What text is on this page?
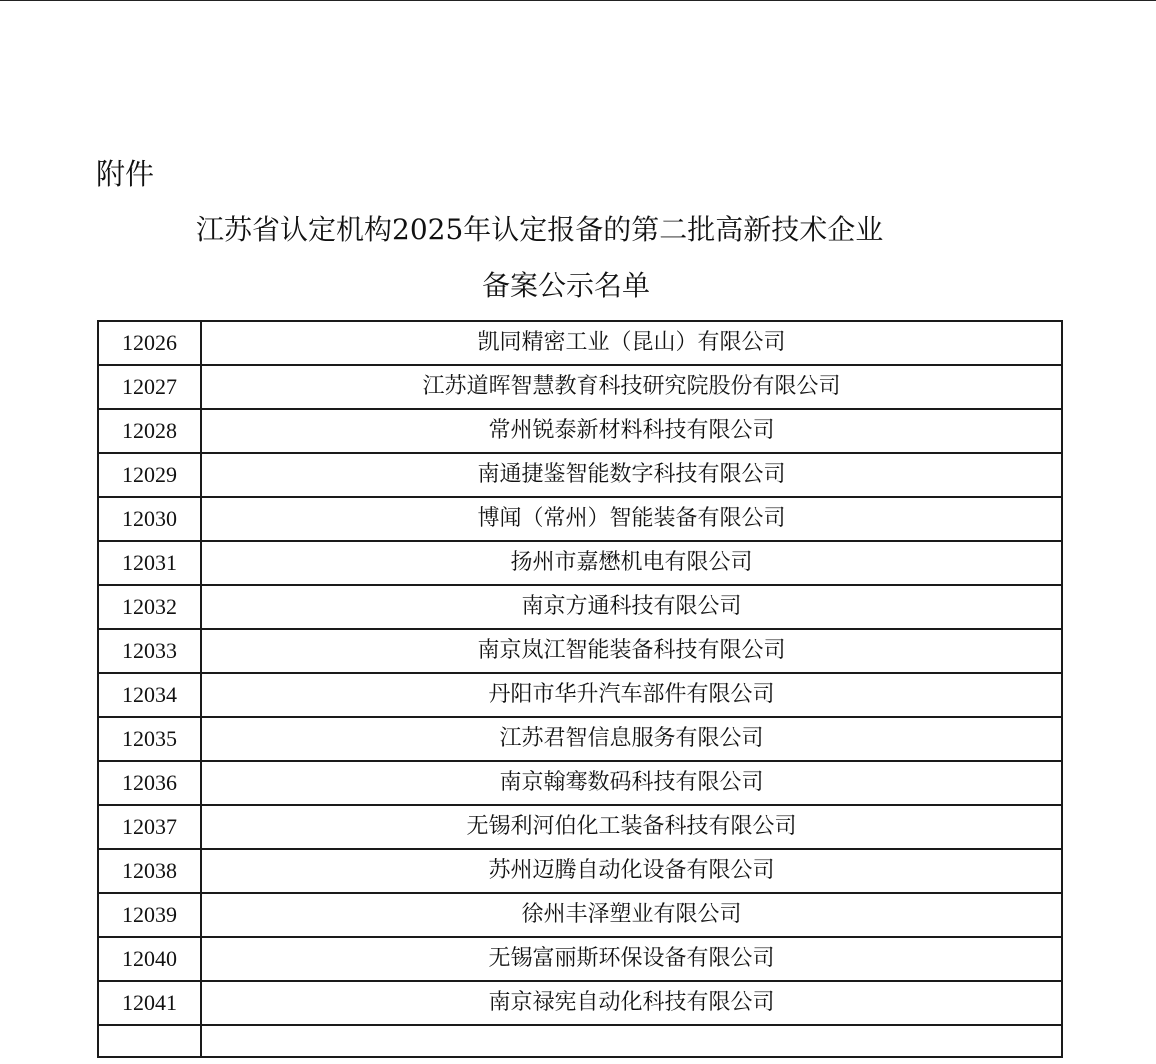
附件
江苏省认定机构2025年认定报备的第二批高新技术企业
备案公示名单
12026	凯同精密工业（昆山）有限公司
12027	江苏道晖智慧教育科技研究院股份有限公司
12028	常州锐泰新材料科技有限公司
12029	南通捷鉴智能数字科技有限公司
12030	博闻（常州）智能装备有限公司
12031	扬州市嘉懋机电有限公司
12032	南京方通科技有限公司
12033	南京岚江智能装备科技有限公司
12034	丹阳市华升汽车部件有限公司
12035	江苏君智信息服务有限公司
12036	南京翰骞数码科技有限公司
12037	无锡利河伯化工装备科技有限公司
12038	苏州迈腾自动化设备有限公司
12039	徐州丰泽塑业有限公司
12040	无锡富丽斯环保设备有限公司
12041	南京禄宪自动化科技有限公司
